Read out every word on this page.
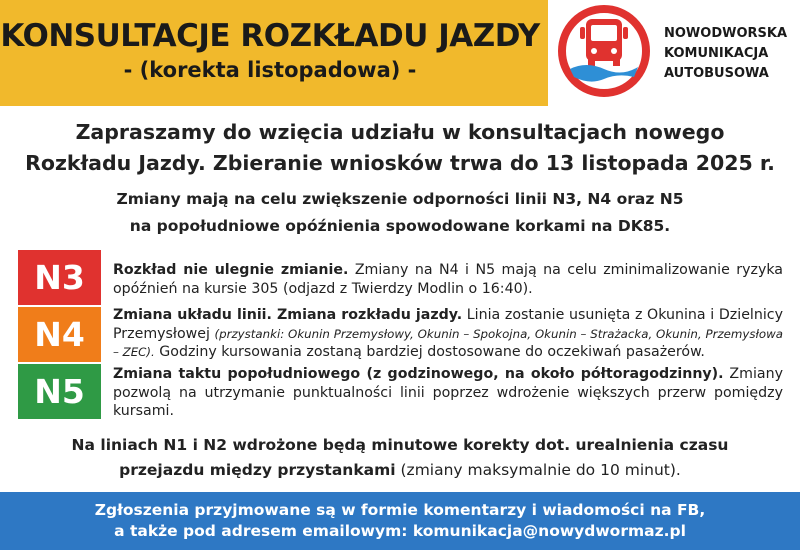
KONSULTACJE ROZKŁADU JAZDY
- (korekta listopadowa) -
NOWODWORSKA
KOMUNIKACJA
AUTOBUSOWA
Zapraszamy do wzięcia udziału w konsultacjach nowego
Rozkładu Jazdy. Zbieranie wniosków trwa do 13 listopada 2025 r.
Zmiany mają na celu zwiększenie odporności linii N3, N4 oraz N5
na popołudniowe opóźnienia spowodowane korkami na DK85.
N3	Rozkład nie ulegnie zmianie. Zmiany na N4 i N5 mają na celu zminimalizowanie ryzyka opóźnień na kursie 305 (odjazd z Twierdzy Modlin o 16:40).
N4	Zmiana układu linii. Zmiana rozkładu jazdy. Linia zostanie usunięta z Okunina i Dzielnicy Przemysłowej (przystanki: Okunin Przemysłowy, Okunin – Spokojna, Okunin – Strażacka, Okunin, Przemysłowa – ZEC). Godziny kursowania zostaną bardziej dostosowane do oczekiwań pasażerów.
N5	Zmiana taktu popołudniowego (z godzinowego, na około półtoragodzinny). Zmiany pozwolą na utrzymanie punktualności linii poprzez wdrożenie większych przerw pomiędzy kursami.
Na liniach N1 i N2 wdrożone będą minutowe korekty dot. urealnienia czasu
przejazdu między przystankami (zmiany maksymalnie do 10 minut).
Zgłoszenia przyjmowane są w formie komentarzy i wiadomości na FB,
a także pod adresem emailowym: komunikacja@nowydwormaz.pl
